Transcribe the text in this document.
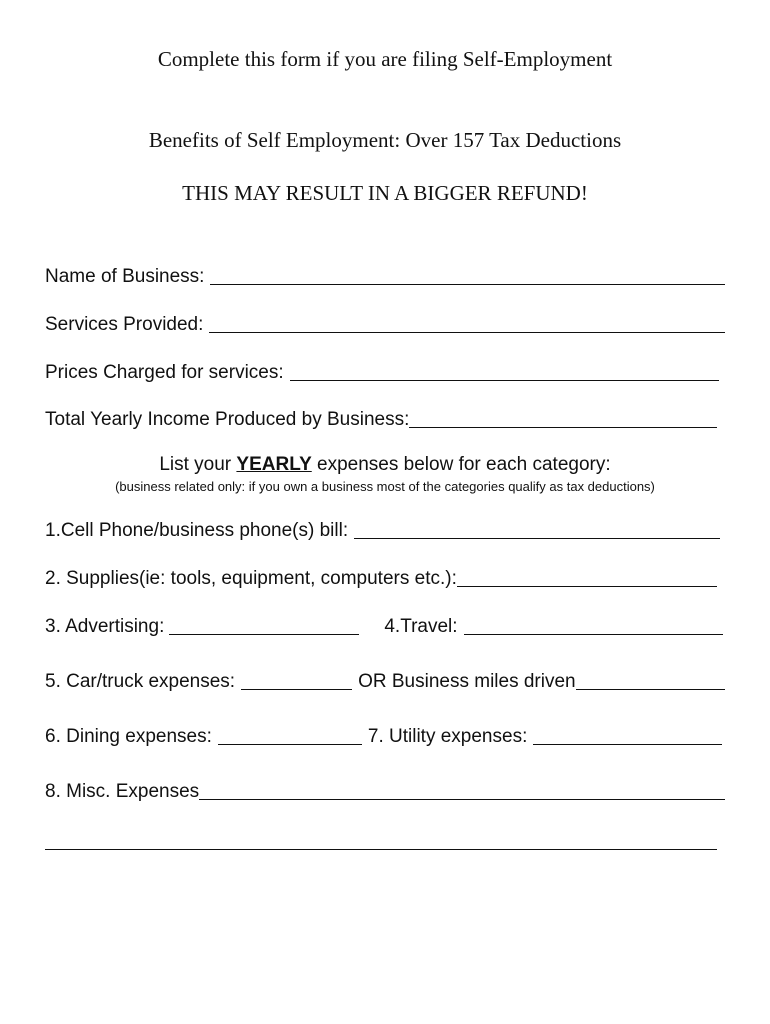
Complete this form if you are filing Self-Employment
Benefits of Self Employment: Over 157 Tax Deductions
THIS MAY RESULT IN A BIGGER REFUND!
Name of Business:
Services Provided:
Prices Charged for services:
Total Yearly Income Produced by Business:
List your YEARLY expenses below for each category:
(business related only: if you own a business most of the categories qualify as tax deductions)
1.Cell Phone/business phone(s) bill:
2. Supplies(ie: tools, equipment, computers etc.):
3. Advertising:	4.Travel:
5. Car/truck expenses:	OR Business miles driven
6. Dining expenses:	7. Utility expenses:
8. Misc. Expenses
